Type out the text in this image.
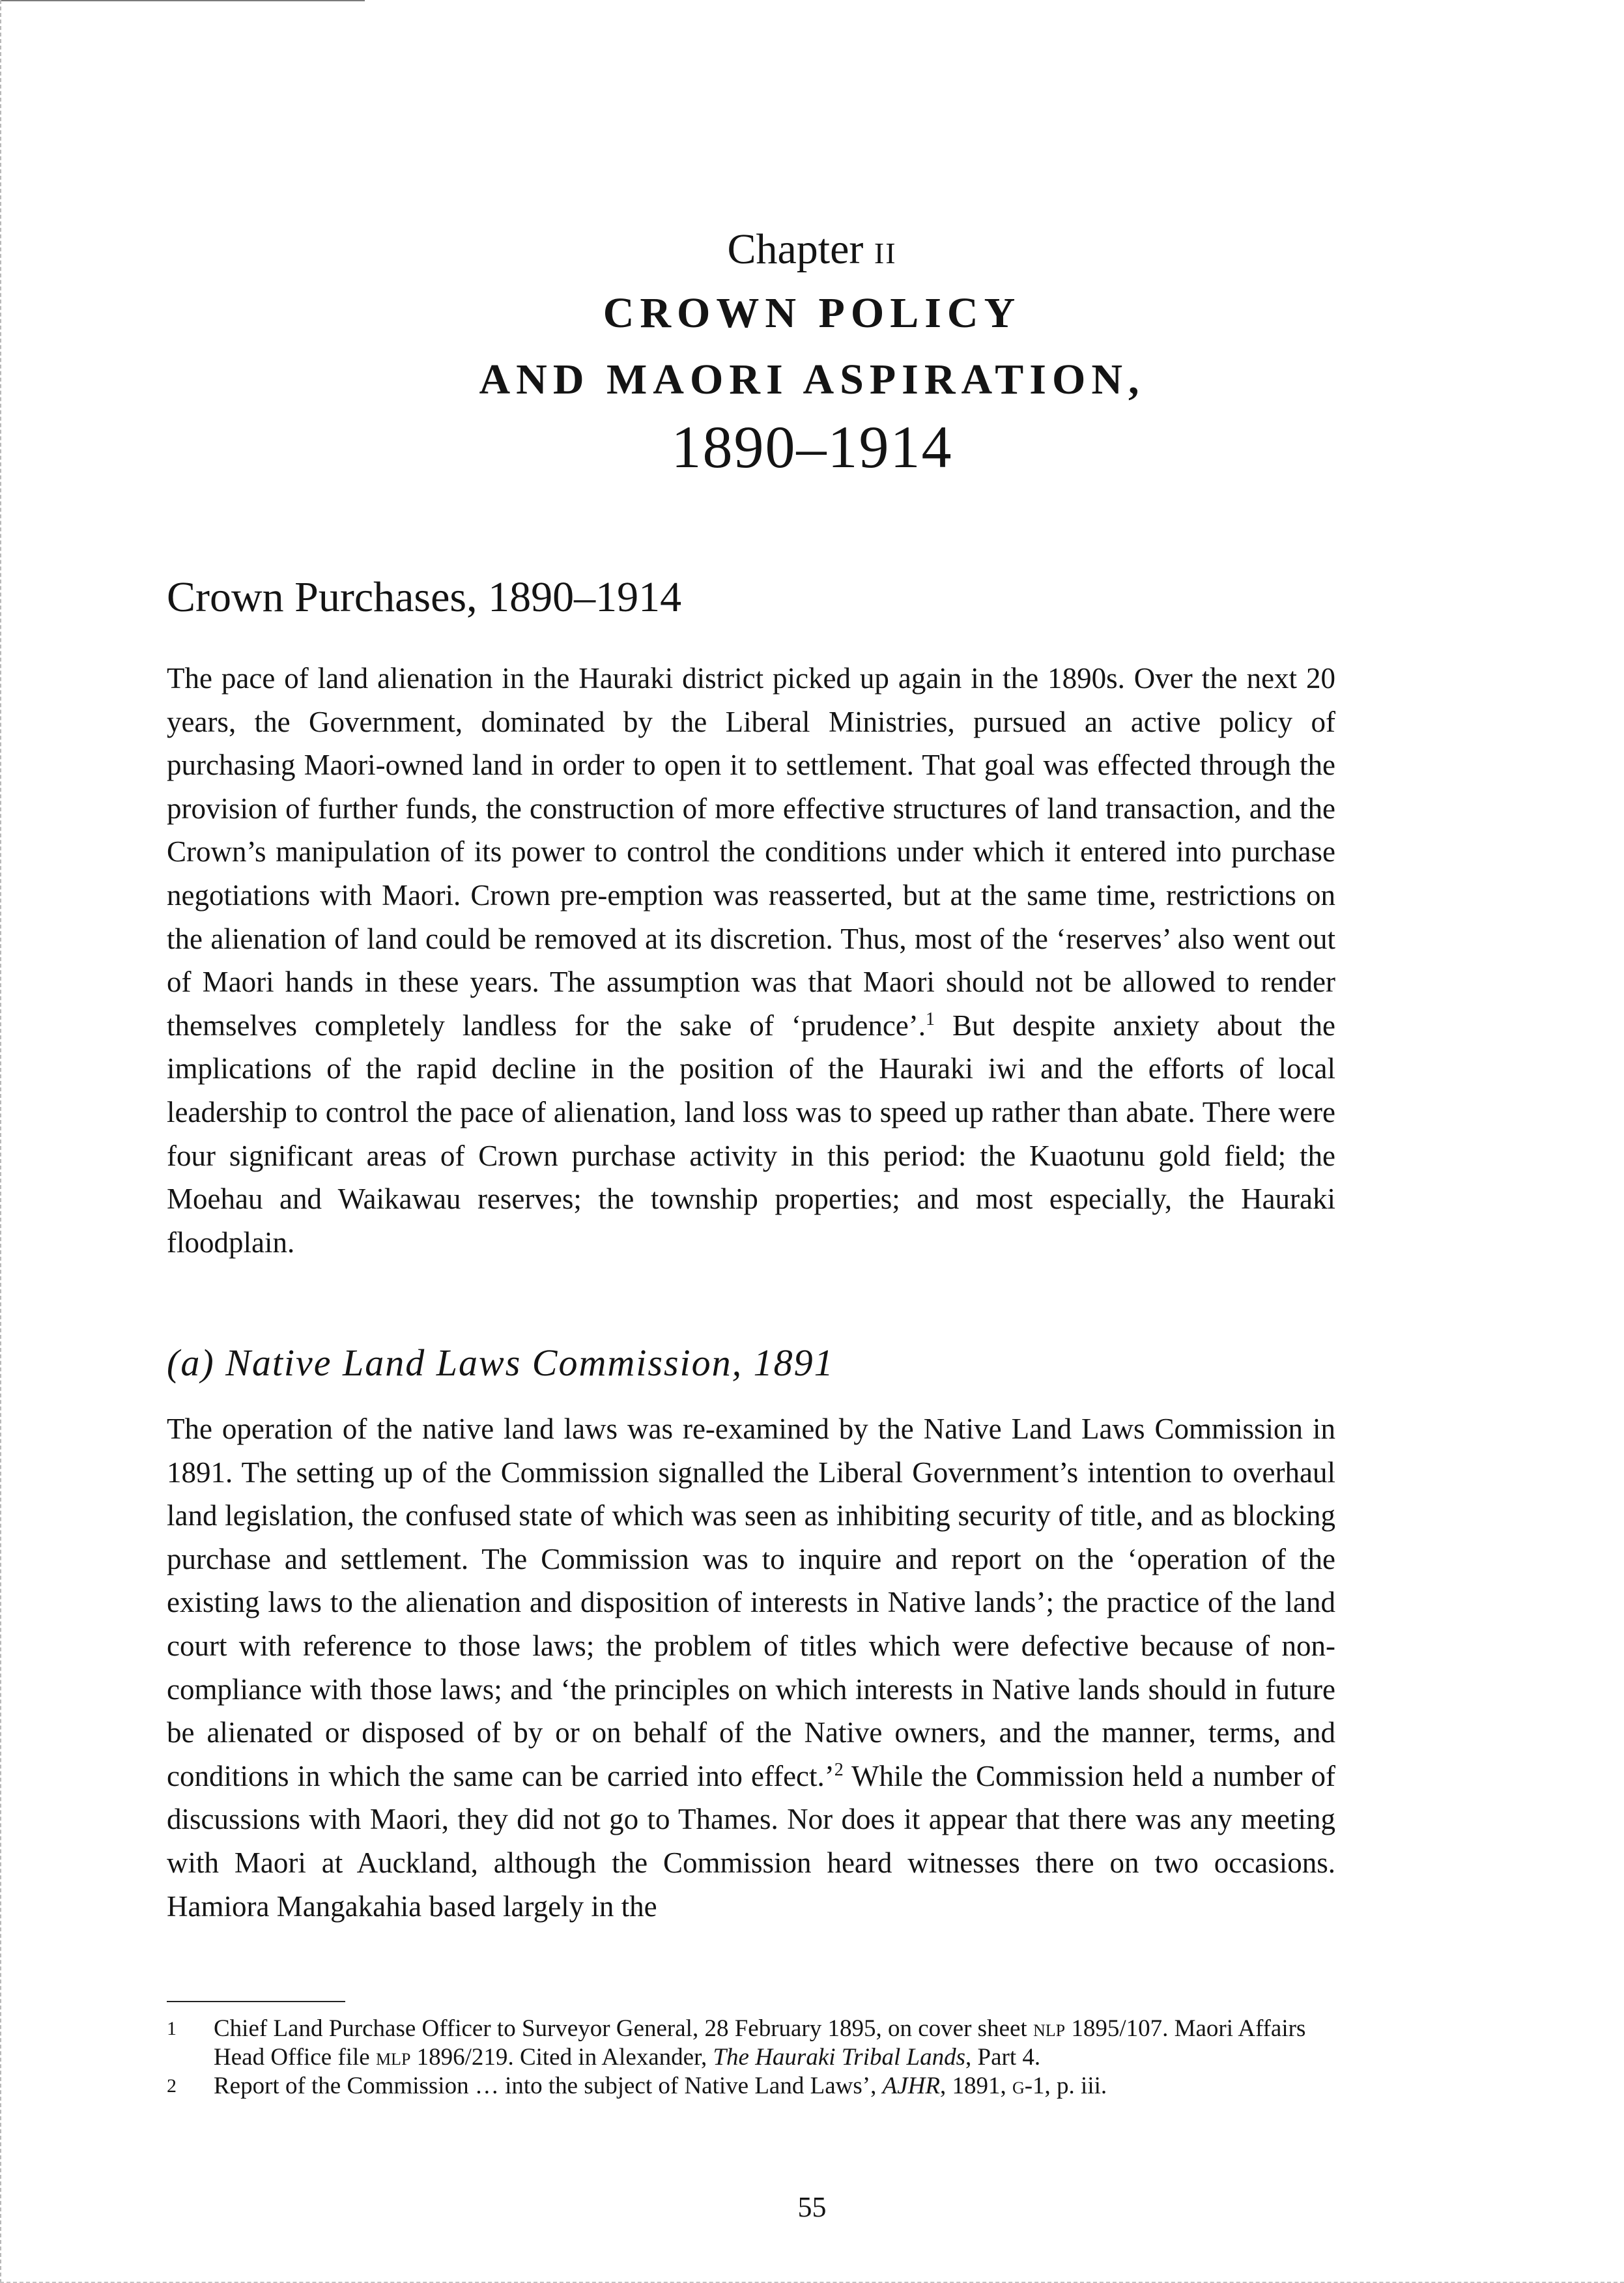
Chapter ii
CROWN POLICY
AND MAORI ASPIRATION,
1890–1914
Crown Purchases, 1890–1914

The pace of land alienation in the Hauraki district picked up again in the 1890s. Over the next 20 years, the Government, dominated by the Liberal Ministries, pursued an active policy of purchasing Maori-owned land in order to open it to settlement. That goal was effected through the provision of further funds, the construction of more effective structures of land transaction, and the Crown’s manipulation of its power to control the conditions under which it entered into purchase negotiations with Maori. Crown pre-emption was reasserted, but at the same time, restrictions on the alienation of land could be removed at its discretion. Thus, most of the ‘reserves’ also went out of Maori hands in these years. The assumption was that Maori should not be allowed to render themselves completely landless for the sake of ‘prudence’.$^1$ But despite anxiety about the implications of the rapid decline in the position of the Hauraki iwi and the efforts of local leadership to control the pace of alienation, land loss was to speed up rather than abate. There were four significant areas of Crown purchase activity in this period: the Kuaotunu gold field; the Moehau and Waikawau reserves; the township properties; and most especially, the Hauraki floodplain.

(a) Native Land Laws Commission, 1891

The operation of the native land laws was re-examined by the Native Land Laws Commission in 1891. The setting up of the Commission signalled the Liberal Government’s intention to overhaul land legislation, the confused state of which was seen as inhibiting security of title, and as blocking purchase and settlement. The Commission was to inquire and report on the ‘operation of the existing laws to the alienation and disposition of interests in Native lands’; the practice of the land court with reference to those laws; the problem of titles which were defective because of non-compliance with those laws; and ‘the principles on which interests in Native lands should in future be alienated or disposed of by or on behalf of the Native owners, and the manner, terms, and conditions in which the same can be carried into effect.’$^2$ While the Commission held a number of discussions with Maori, they did not go to Thames. Nor does it appear that there was any meeting with Maori at Auckland, although the Commission heard witnesses there on two occasions. Hamiora Mangakahia based largely in the

1	Chief Land Purchase Officer to Surveyor General, 28 February 1895, on cover sheet nlp 1895/107. Maori Affairs Head Office file mlp 1896/219. Cited in Alexander, The Hauraki Tribal Lands, Part 4.

2	Report of the Commission … into the subject of Native Land Laws’, AJHR, 1891, g-1, p. iii.

55
